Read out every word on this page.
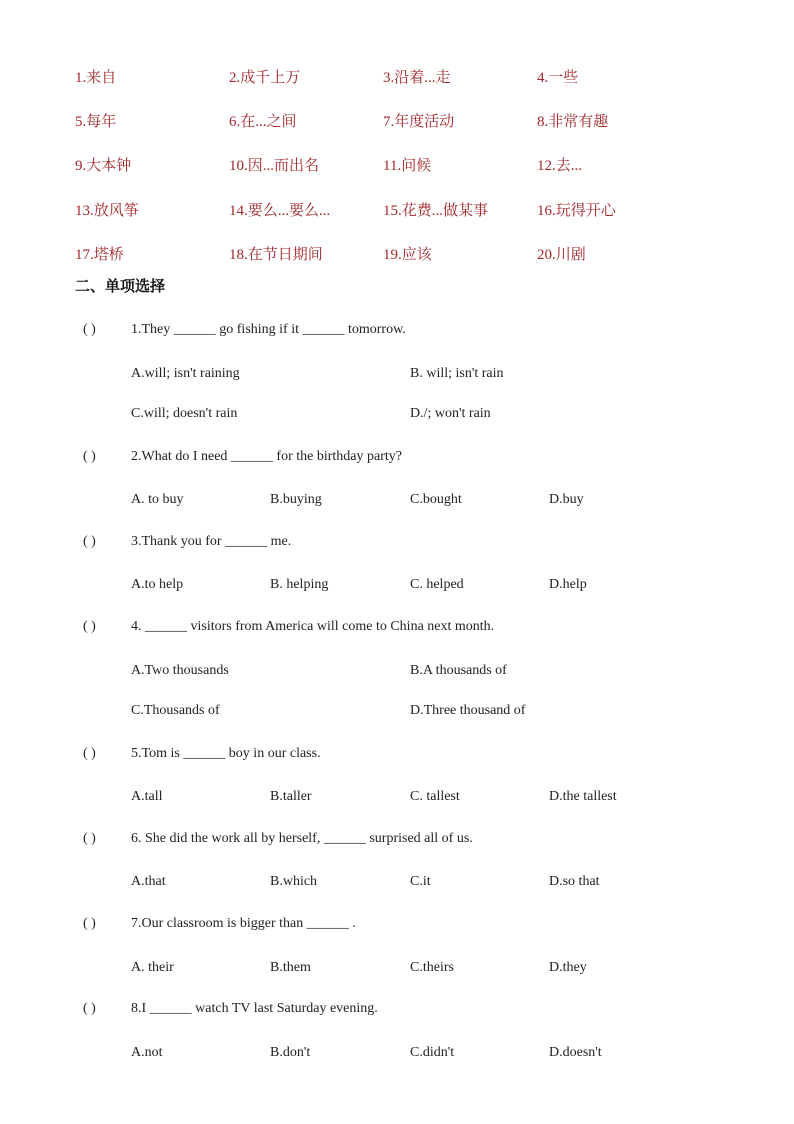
1.来自	2.成千上万	3.沿着...走	4.一些
5.每年	6.在...之间	7.年度活动	8.非常有趣
9.大本钟	10.因...而出名	11.问候	12.去...
13.放风筝	14.要么...要么...	15.花费...做某事	16.玩得开心
17.塔桥	18.在节日期间	19.应该	20.川剧
二、单项选择
( )	1.They ______ go fishing if it ______ tomorrow.
A.will; isn't raining	B. will; isn't rain
C.will; doesn't rain	D./; won't rain
( )	2.What do I need ______ for the birthday party?
A. to buy	B.buying	C.bought	D.buy
( )	3.Thank you for ______ me.
A.to help	B. helping	C. helped	D.help
( )	4. ______ visitors from America will come to China next month.
A.Two thousands	B.A thousands of
C.Thousands of	D.Three thousand of
( )	5.Tom is ______ boy in our class.
A.tall	B.taller	C. tallest	D.the tallest
( )	6. She did the work all by herself, ______ surprised all of us.
A.that	B.which	C.it	D.so that
( )	7.Our classroom is bigger than ______ .
A. their	B.them	C.theirs	D.they
( )	8.I ______ watch TV last Saturday evening.
A.not	B.don't	C.didn't	D.doesn't
